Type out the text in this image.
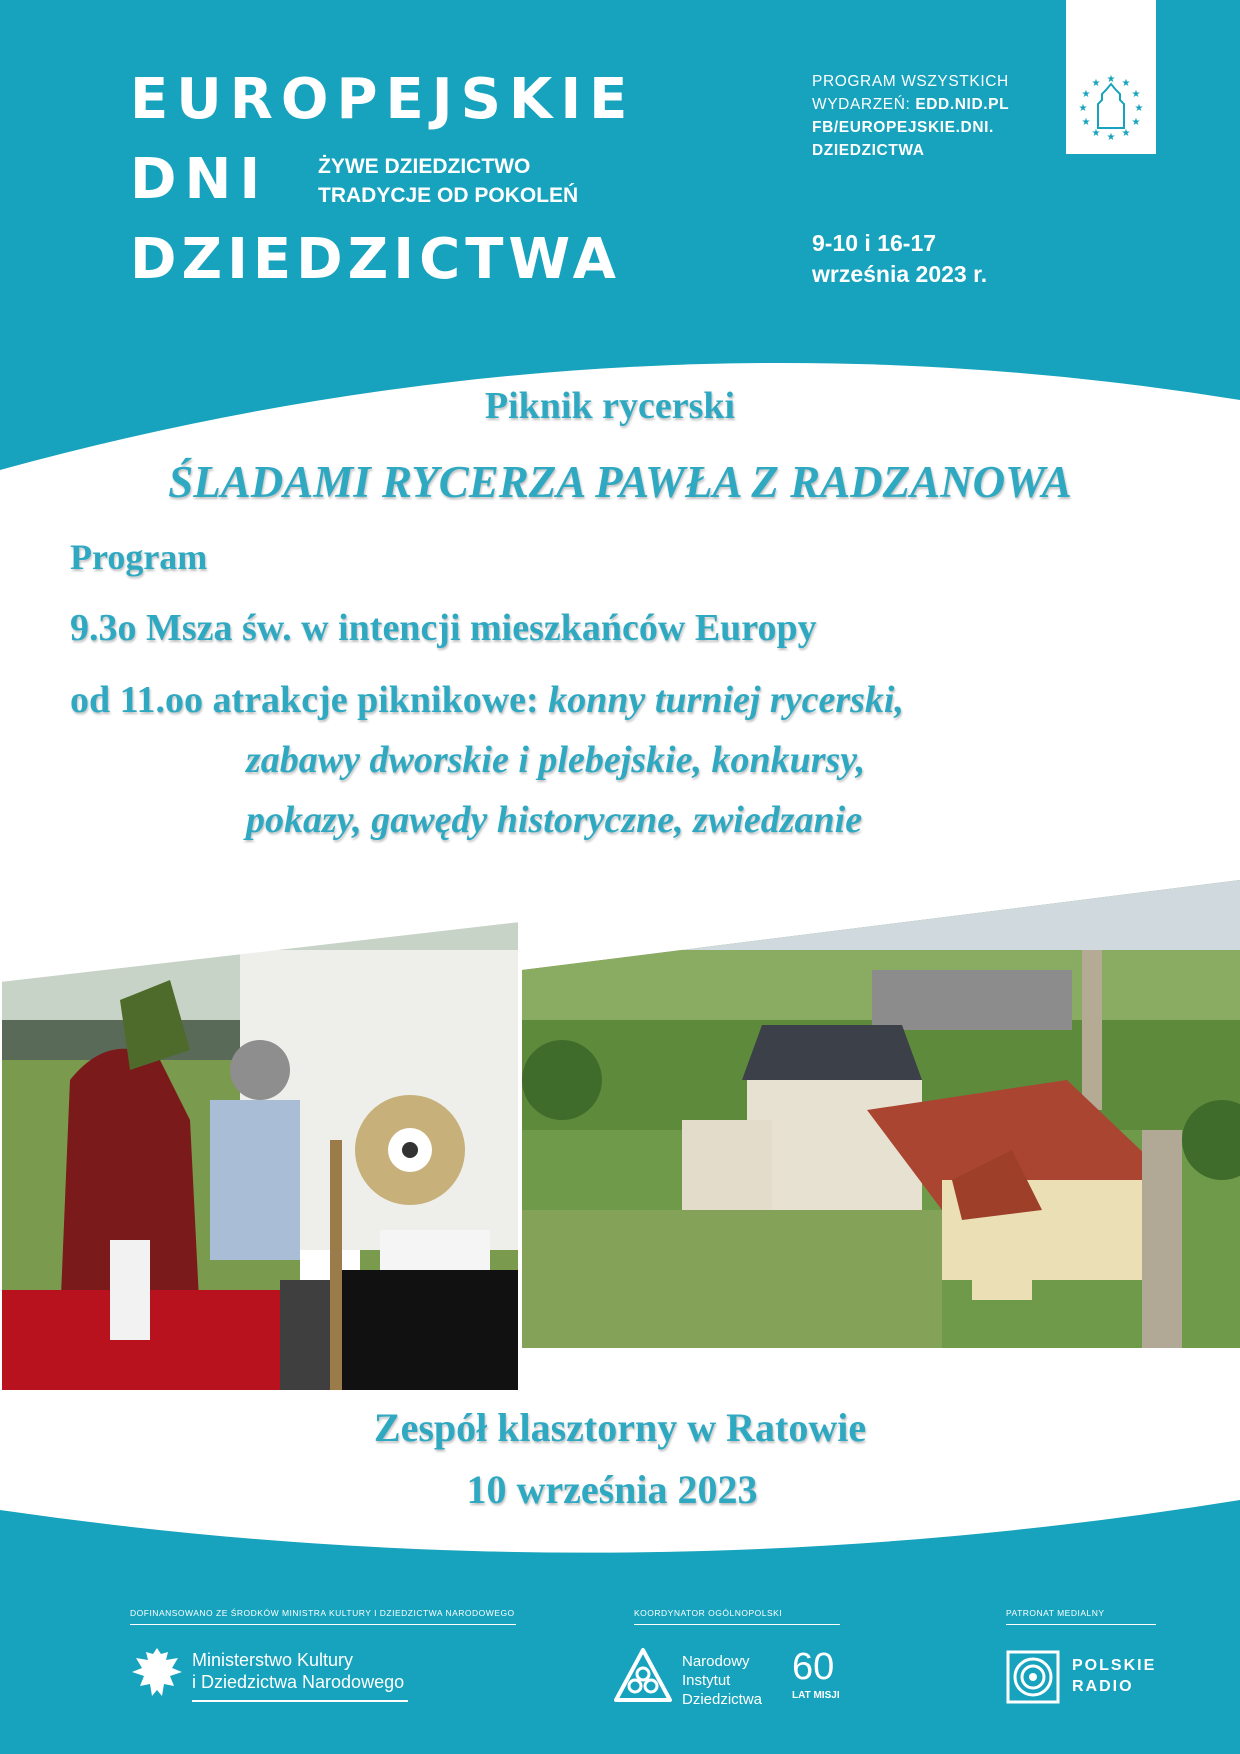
EUROPEJSKIE
DNI
DZIEDZICTWA
ŻYWE DZIEDZICTWO
TRADYCJE OD POKOLEŃ
PROGRAM WSZYSTKICH
WYDARZEŃ: EDD.NID.PL
FB/EUROPEJSKIE.DNI.
DZIEDZICTWA
9-10 i 16-17
września 2023 r.
★ ★
★
★
★
★
★
★
★
★
★
★
Piknik rycerski
ŚLADAMI RYCERZA PAWŁA Z RADZANOWA
Program
9.3o Msza św. w intencji mieszkańców Europy
od 11.oo atrakcje piknikowe: konny turniej rycerski,
zabawy dworskie i plebejskie, konkursy,
pokazy, gawędy historyczne, zwiedzanie
Zespół klasztorny w Ratowie
10 września 2023
DOFINANSOWANO ZE ŚRODKÓW MINISTRA KULTURY I DZIEDZICTWA NARODOWEGO
Ministerstwo Kultury
i Dziedzictwa Narodowego
KOORDYNATOR OGÓLNOPOLSKI
Narodowy
Instytut
Dziedzictwa
60
LAT MISJI
PATRONAT MEDIALNY
POLSKIE
RADIO
